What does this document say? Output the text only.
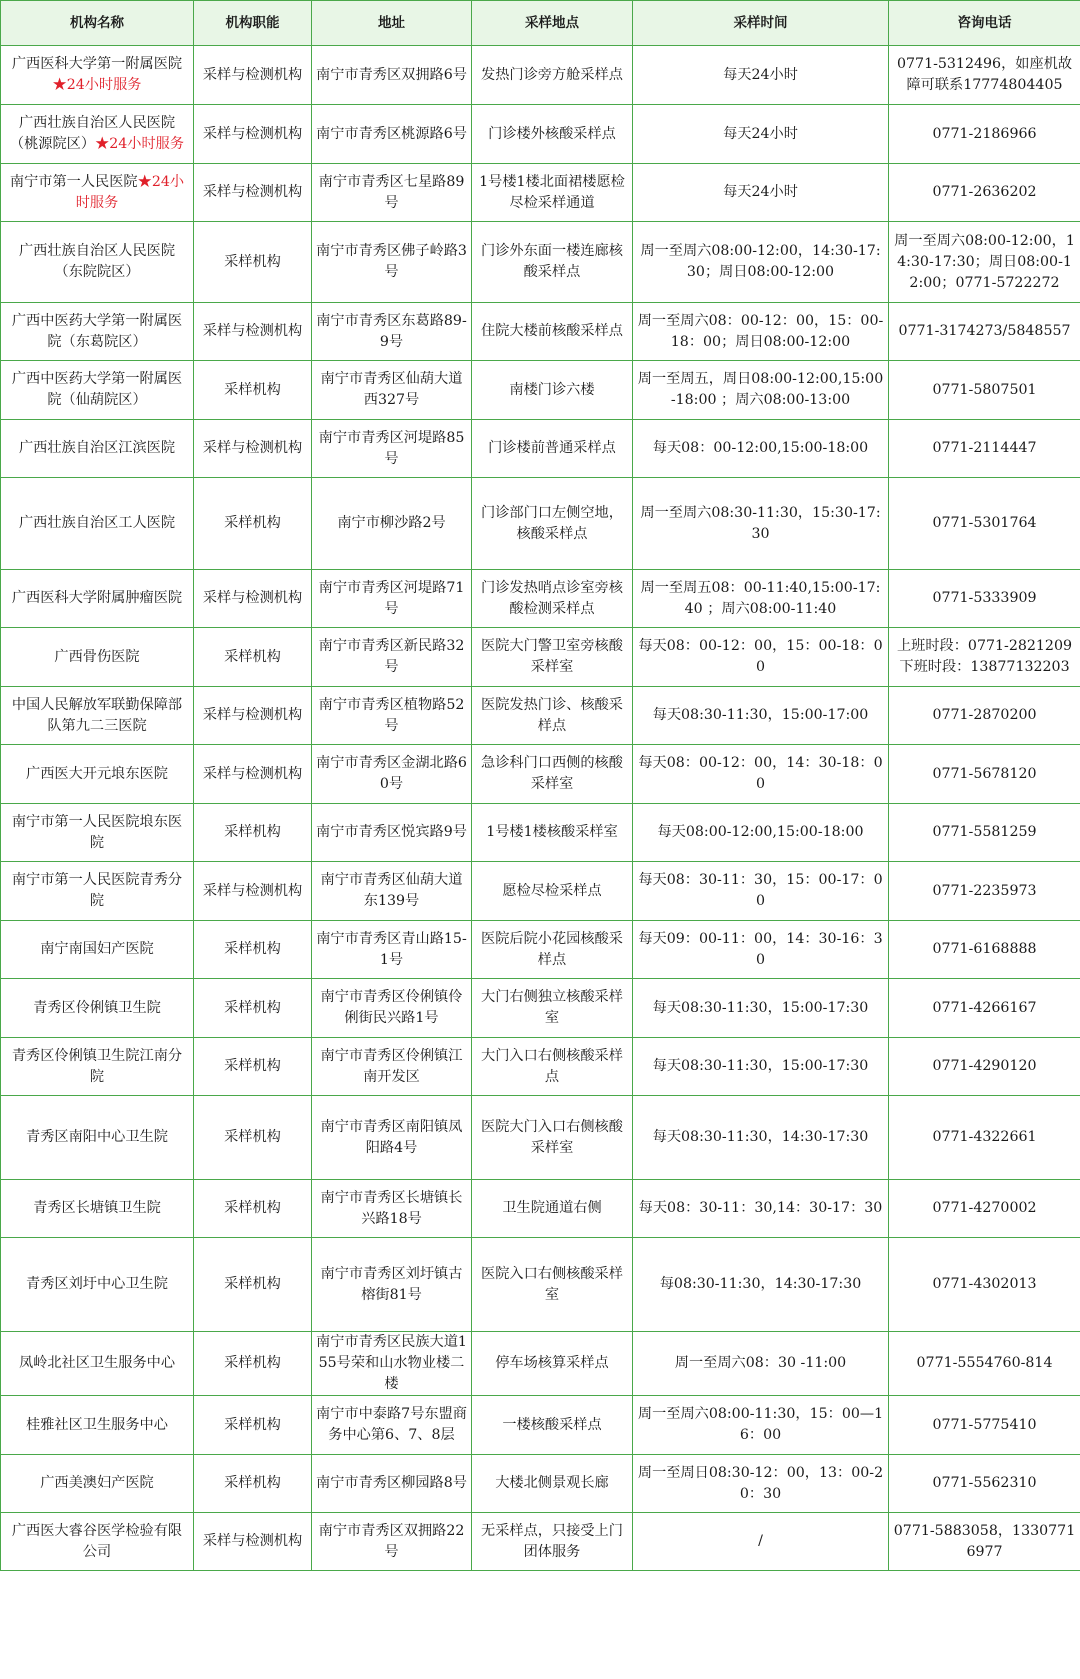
机构名称	机构职能	地址	采样地点	采样时间	咨询电话
广西医科大学第一附属医院★24小时服务	采样与检测机构	南宁市青秀区双拥路6号	发热门诊旁方舱采样点	每天24小时	0771-5312496，如座机故障可联系17774804405
广西壮族自治区人民医院（桃源院区）★24小时服务	采样与检测机构	南宁市青秀区桃源路6号	门诊楼外核酸采样点	每天24小时	0771-2186966
南宁市第一人民医院★24小时服务	采样与检测机构	南宁市青秀区七星路89号	1号楼1楼北面裙楼愿检尽检采样通道	每天24小时	0771-2636202
广西壮族自治区人民医院（东院院区）	采样机构	南宁市青秀区佛子岭路3号	门诊外东面一楼连廊核酸采样点	周一至周六08:00-12:00，14:30-17:30；周日08:00-12:00	周一至周六08:00-12:00，14:30-17:30；周日08:00-12:00；0771-5722272
广西中医药大学第一附属医院（东葛院区）	采样与检测机构	南宁市青秀区东葛路89-9号	住院大楼前核酸采样点	周一至周六08：00-12：00，15：00-18：00；周日08:00-12:00	0771-3174273/5848557
广西中医药大学第一附属医院（仙葫院区）	采样机构	南宁市青秀区仙葫大道西327号	南楼门诊六楼	周一至周五，周日08:00-12:00,15:00-18:00 ；周六08:00-13:00	0771-5807501
广西壮族自治区江滨医院	采样与检测机构	南宁市青秀区河堤路85号	门诊楼前普通采样点	每天08：00-12:00,15:00-18:00	0771-2114447
广西壮族自治区工人医院	采样机构	南宁市柳沙路2号	门诊部门口左侧空地，核酸采样点	周一至周六08:30-11:30，15:30-17:30	0771-5301764
广西医科大学附属肿瘤医院	采样与检测机构	南宁市青秀区河堤路71号	门诊发热哨点诊室旁核酸检测采样点	周一至周五08：00-11:40,15:00-17:40 ；周六08:00-11:40	0771-5333909
广西骨伤医院	采样机构	南宁市青秀区新民路32号	医院大门警卫室旁核酸采样室	每天08：00-12：00，15：00-18：00	上班时段：0771-2821209 下班时段：13877132203
中国人民解放军联勤保障部队第九二三医院	采样与检测机构	南宁市青秀区植物路52号	医院发热门诊、核酸采样点	每天08:30-11:30，15:00-17:00	0771-2870200
广西医大开元埌东医院	采样与检测机构	南宁市青秀区金湖北路60号	急诊科门口西侧的核酸采样室	每天08：00-12：00，14：30-18：00	0771-5678120
南宁市第一人民医院埌东医院	采样机构	南宁市青秀区悦宾路9号	1号楼1楼核酸采样室	每天08:00-12:00,15:00-18:00	0771-5581259
南宁市第一人民医院青秀分院	采样与检测机构	南宁市青秀区仙葫大道东139号	愿检尽检采样点	每天08：30-11：30，15：00-17：00	0771-2235973
南宁南国妇产医院	采样机构	南宁市青秀区青山路15-1号	医院后院小花园核酸采样点	每天09：00-11：00，14：30-16：30	0771-6168888
青秀区伶俐镇卫生院	采样机构	南宁市青秀区伶俐镇伶俐街民兴路1号	大门右侧独立核酸采样室	每天08:30-11:30，15:00-17:30	0771-4266167
青秀区伶俐镇卫生院江南分院	采样机构	南宁市青秀区伶俐镇江南开发区	大门入口右侧核酸采样点	每天08:30-11:30，15:00-17:30	0771-4290120
青秀区南阳中心卫生院	采样机构	南宁市青秀区南阳镇凤阳路4号	医院大门入口右侧核酸采样室	每天08:30-11:30，14:30-17:30	0771-4322661
青秀区长塘镇卫生院	采样机构	南宁市青秀区长塘镇长兴路18号	卫生院通道右侧	每天08：30-11：30,14：30-17：30	0771-4270002
青秀区刘圩中心卫生院	采样机构	南宁市青秀区刘圩镇古榕街81号	医院入口右侧核酸采样室	每08:30-11:30，14:30-17:30	0771-4302013
凤岭北社区卫生服务中心	采样机构	南宁市青秀区民族大道155号荣和山水物业楼二楼	停车场核算采样点	周一至周六08：30 -11:00	0771-5554760-814
桂雅社区卫生服务中心	采样机构	南宁市中泰路7号东盟商务中心第6、7、8层	一楼核酸采样点	周一至周六08:00-11:30，15：00—16：00	0771-5775410
广西美澳妇产医院	采样机构	南宁市青秀区柳园路8号	大楼北侧景观长廊	周一至周日08:30-12：00，13：00-20：30	0771-5562310
广西医大睿谷医学检验有限公司	采样与检测机构	南宁市青秀区双拥路22号	无采样点，只接受上门团体服务	/	0771-5883058，13307716977
